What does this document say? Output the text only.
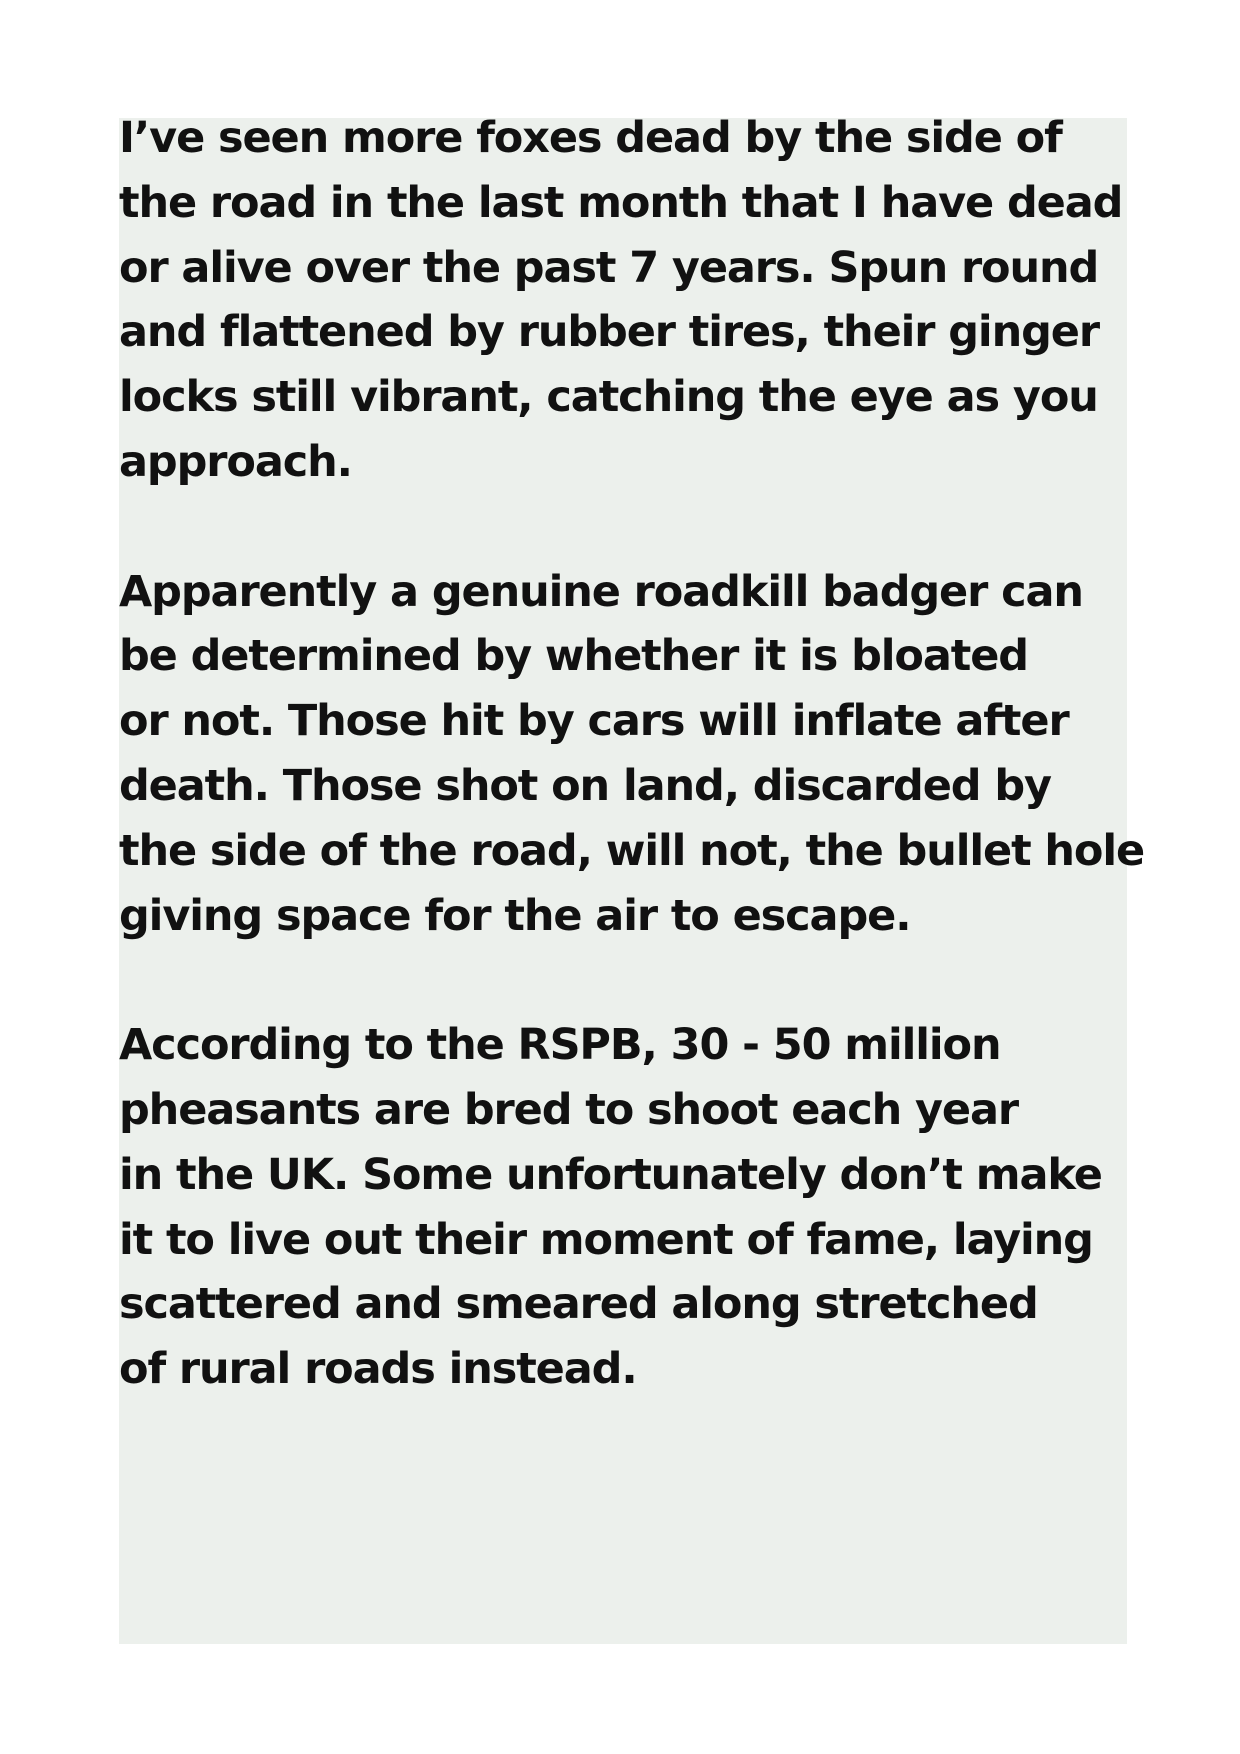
I’ve seen more foxes dead by the side of
the road in the last month that I have dead
or alive over the past 7 years. Spun round
and flattened by rubber tires, their ginger
locks still vibrant, catching the eye as you
approach.

Apparently a genuine roadkill badger can
be determined by whether it is bloated
or not. Those hit by cars will inflate after
death. Those shot on land, discarded by
the side of the road, will not, the bullet hole
giving space for the air to escape.

According to the RSPB, 30 - 50 million
pheasants are bred to shoot each year
in the UK. Some unfortunately don’t make
it to live out their moment of fame, laying
scattered and smeared along stretched
of rural roads instead.
